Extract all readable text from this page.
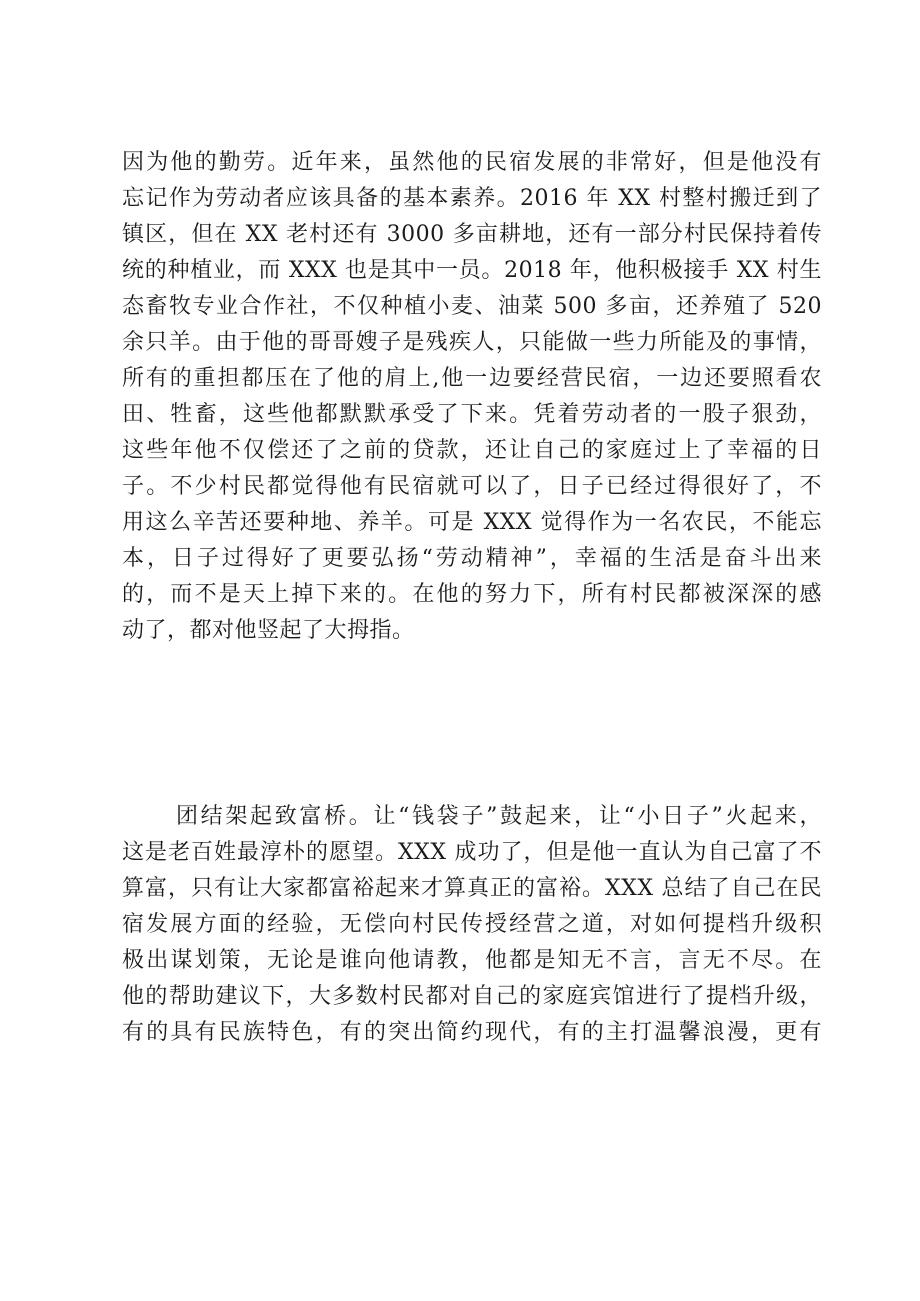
因为他的勤劳。近年来，虽然他的民宿发展的非常好，但是他没有
忘记作为劳动者应该具备的基本素养。2016 年 XX 村整村搬迁到了
镇区，但在 XX 老村还有 3000 多亩耕地，还有一部分村民保持着传
统的种植业，而 XXX 也是其中一员。2018 年，他积极接手 XX 村生
态畜牧专业合作社，不仅种植小麦、油菜 500 多亩，还养殖了 520
余只羊。由于他的哥哥嫂子是残疾人，只能做一些力所能及的事情，
所有的重担都压在了他的肩上,他一边要经营民宿，一边还要照看农
田、牲畜，这些他都默默承受了下来。凭着劳动者的一股子狠劲，
这些年他不仅偿还了之前的贷款，还让自己的家庭过上了幸福的日
子。不少村民都觉得他有民宿就可以了，日子已经过得很好了，不
用这么辛苦还要种地、养羊。可是 XXX 觉得作为一名农民，不能忘
本，日子过得好了更要弘扬“劳动精神”，幸福的生活是奋斗出来
的，而不是天上掉下来的。在他的努力下，所有村民都被深深的感
动了，都对他竖起了大拇指。
团结架起致富桥。让“钱袋子”鼓起来，让“小日子”火起来，
这是老百姓最淳朴的愿望。XXX 成功了，但是他一直认为自己富了不
算富，只有让大家都富裕起来才算真正的富裕。XXX 总结了自己在民
宿发展方面的经验，无偿向村民传授经营之道，对如何提档升级积
极出谋划策，无论是谁向他请教，他都是知无不言，言无不尽。在
他的帮助建议下，大多数村民都对自己的家庭宾馆进行了提档升级，
有的具有民族特色，有的突出简约现代，有的主打温馨浪漫，更有
